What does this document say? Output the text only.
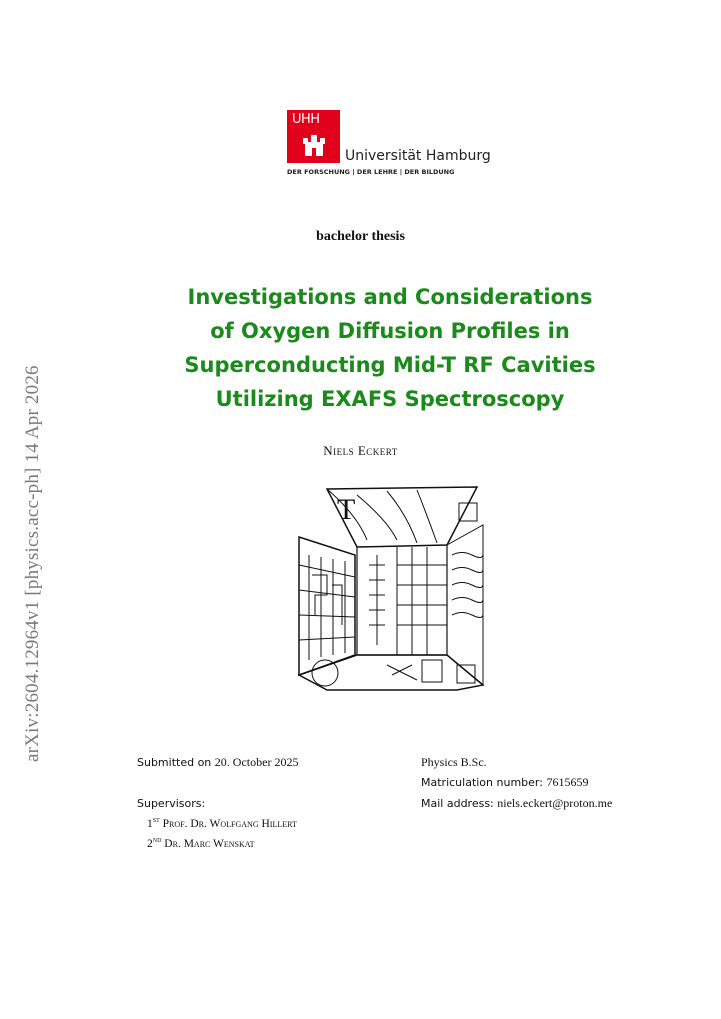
arXiv:2604.12964v1 [physics.acc-ph] 14 Apr 2026
UHH
Universität Hamburg
DER FORSCHUNG | DER LEHRE | DER BILDUNG
bachelor thesis
Investigations and Considerations
of Oxygen Diffusion Profiles in
Superconducting Mid-T RF Cavities
Utilizing EXAFS Spectroscopy
Niels Eckert
T
Submitted on 20. October 2025	Physics B.Sc.
Matriculation number: 7615659
Mail address: niels.eckert@proton.me
Supervisors:
1st Prof. Dr. Wolfgang Hillert
2nd Dr. Marc Wenskat
